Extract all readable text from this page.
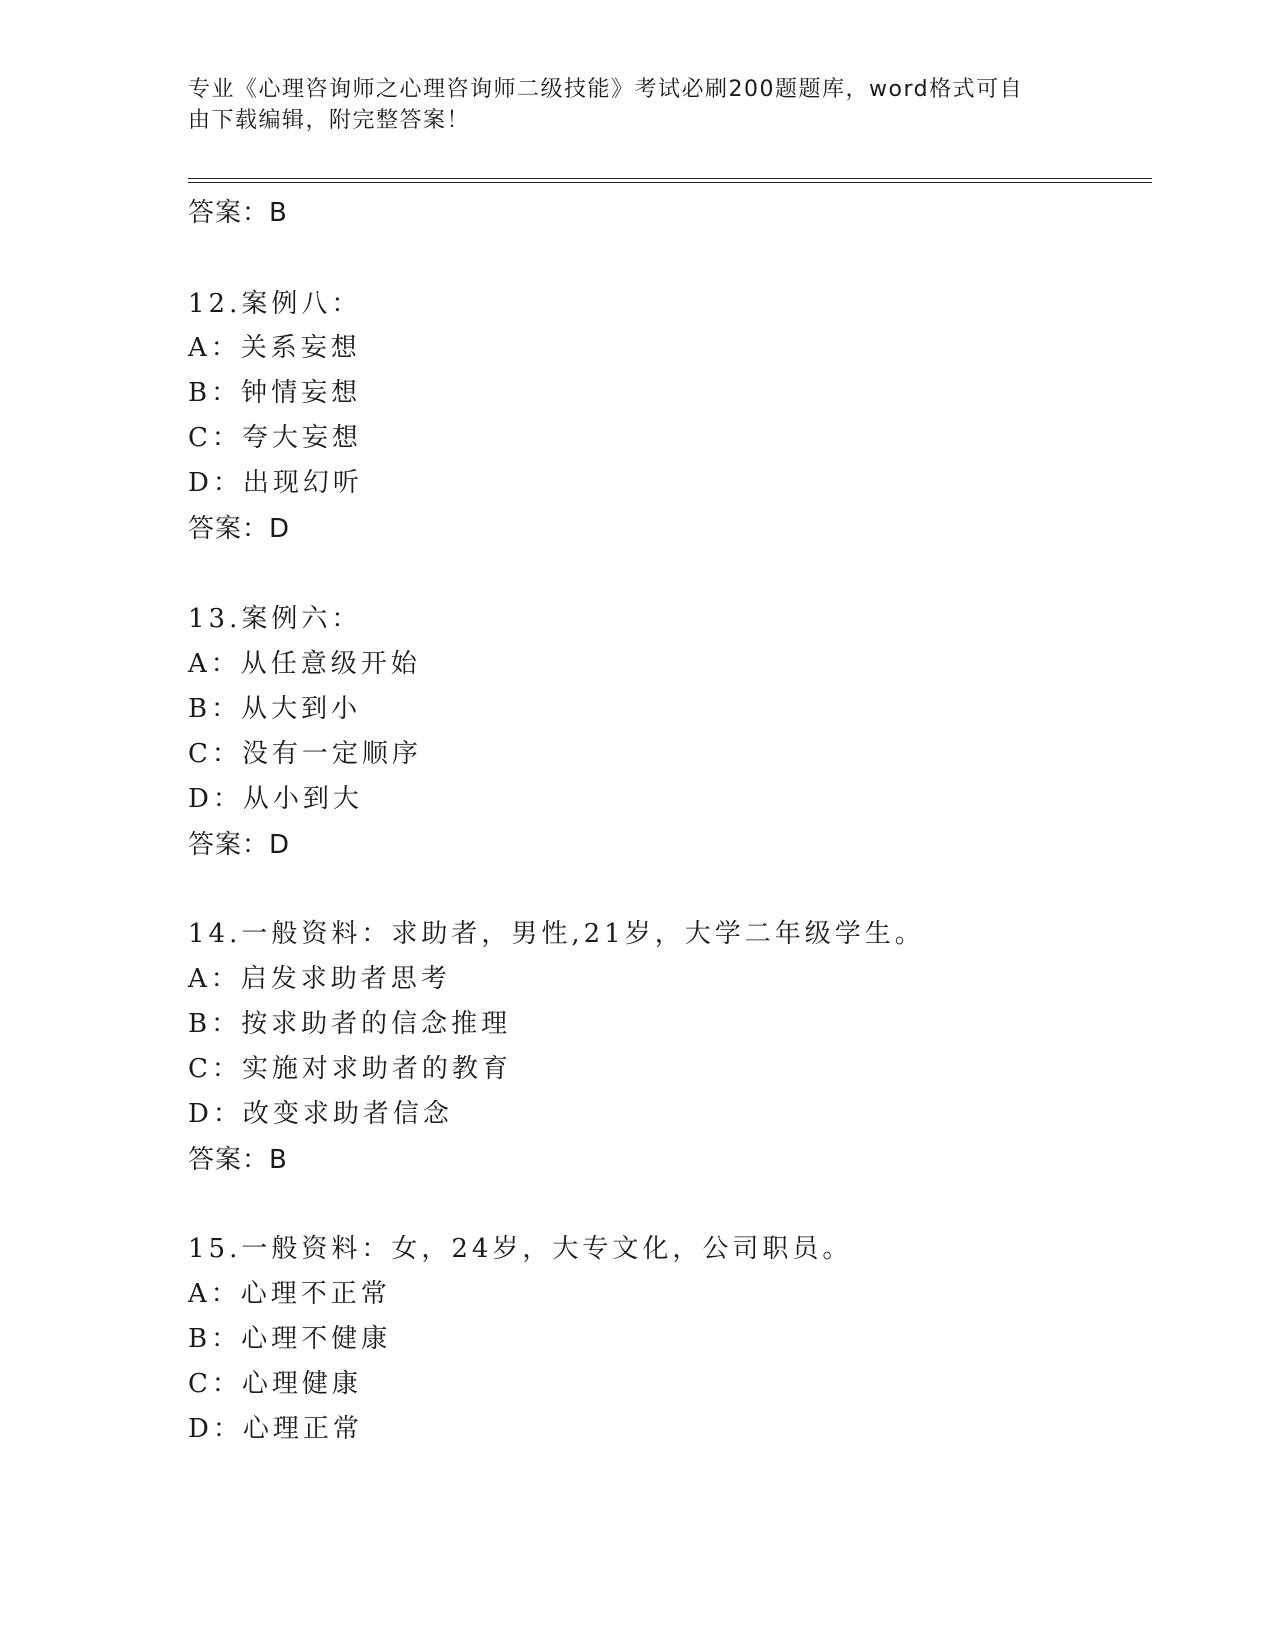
专业《心理咨询师之心理咨询师二级技能》考试必刷200题题库，word格式可自
由下载编辑，附完整答案！
答案：B
12.案例八：
A：关系妄想
B：钟情妄想
C：夸大妄想
D：出现幻听
答案：D
13.案例六：
A：从任意级开始
B：从大到小
C：没有一定顺序
D：从小到大
答案：D
14.一般资料：求助者，男性,21岁，大学二年级学生。
A：启发求助者思考
B：按求助者的信念推理
C：实施对求助者的教育
D：改变求助者信念
答案：B
15.一般资料：女，24岁，大专文化，公司职员。
A：心理不正常
B：心理不健康
C：心理健康
D：心理正常
